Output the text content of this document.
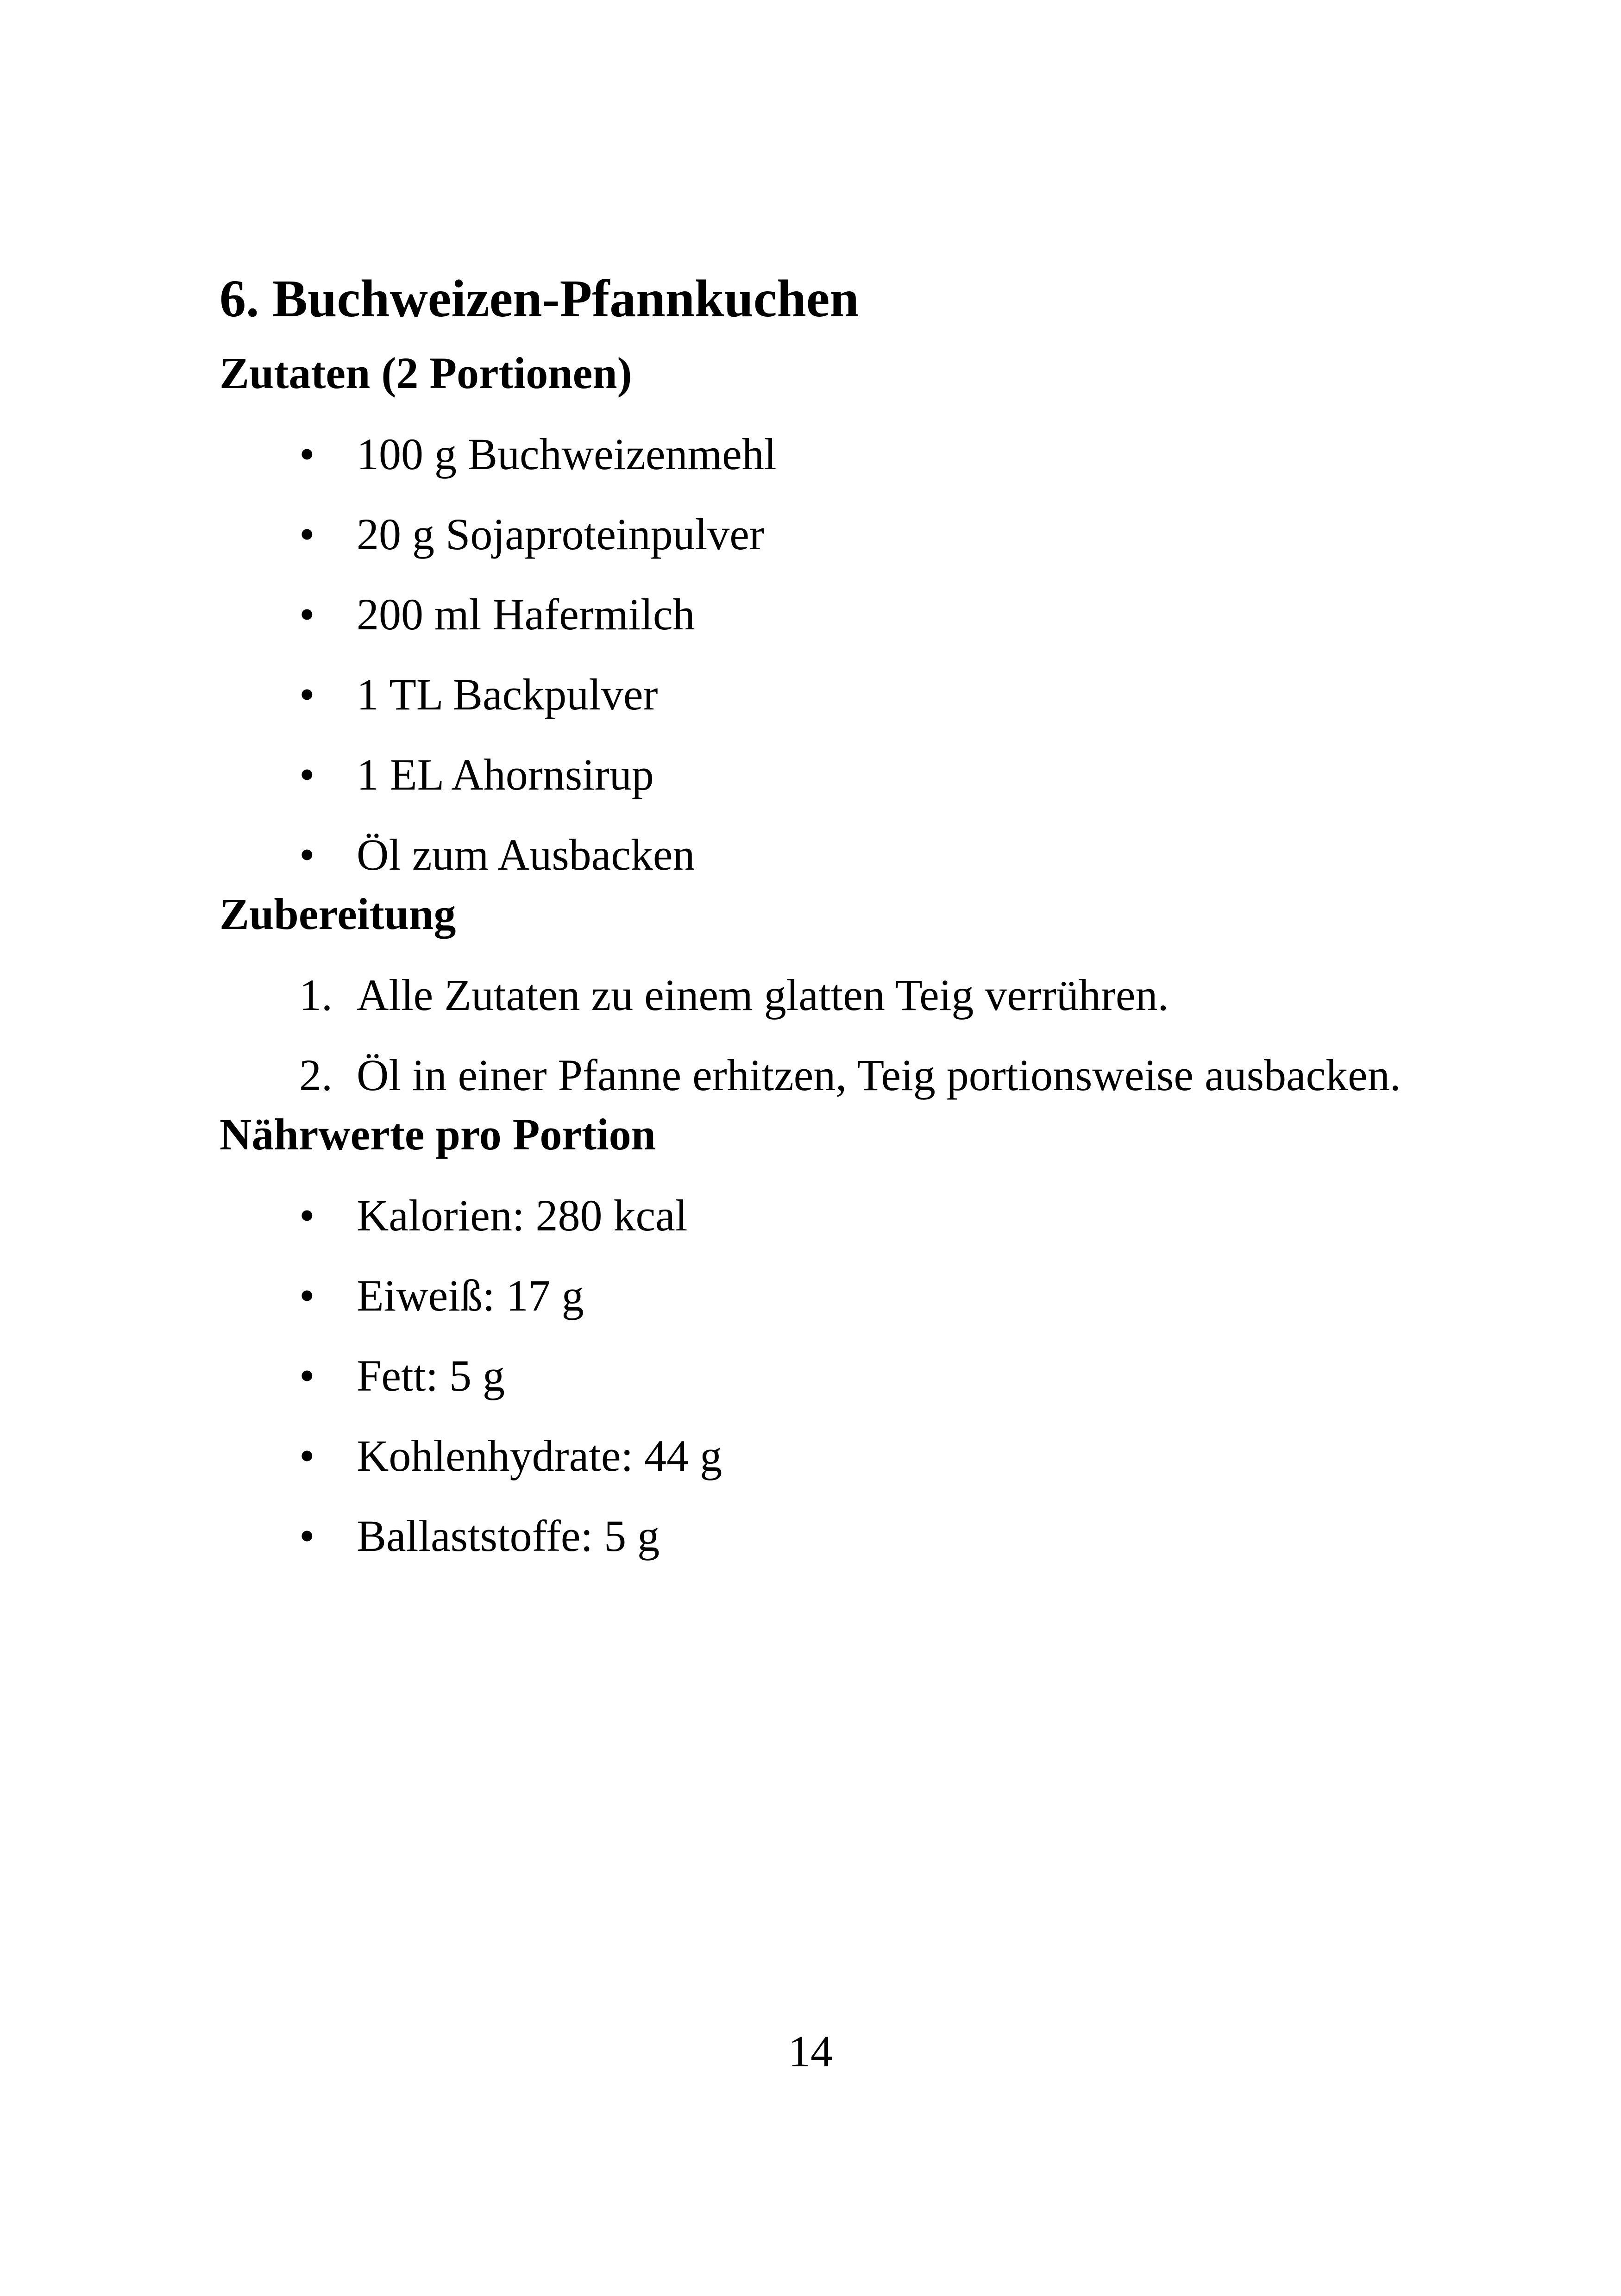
6. Buchweizen-Pfannkuchen
Zutaten (2 Portionen)
• 100 g Buchweizenmehl
• 20 g Sojaproteinpulver
• 200 ml Hafermilch
• 1 TL Backpulver
• 1 EL Ahornsirup
• Öl zum Ausbacken
Zubereitung
1. Alle Zutaten zu einem glatten Teig verrühren.
2. Öl in einer Pfanne erhitzen, Teig portionsweise ausbacken.
Nährwerte pro Portion
• Kalorien: 280 kcal
• Eiweiß: 17 g
• Fett: 5 g
• Kohlenhydrate: 44 g
• Ballaststoffe: 5 g
14
